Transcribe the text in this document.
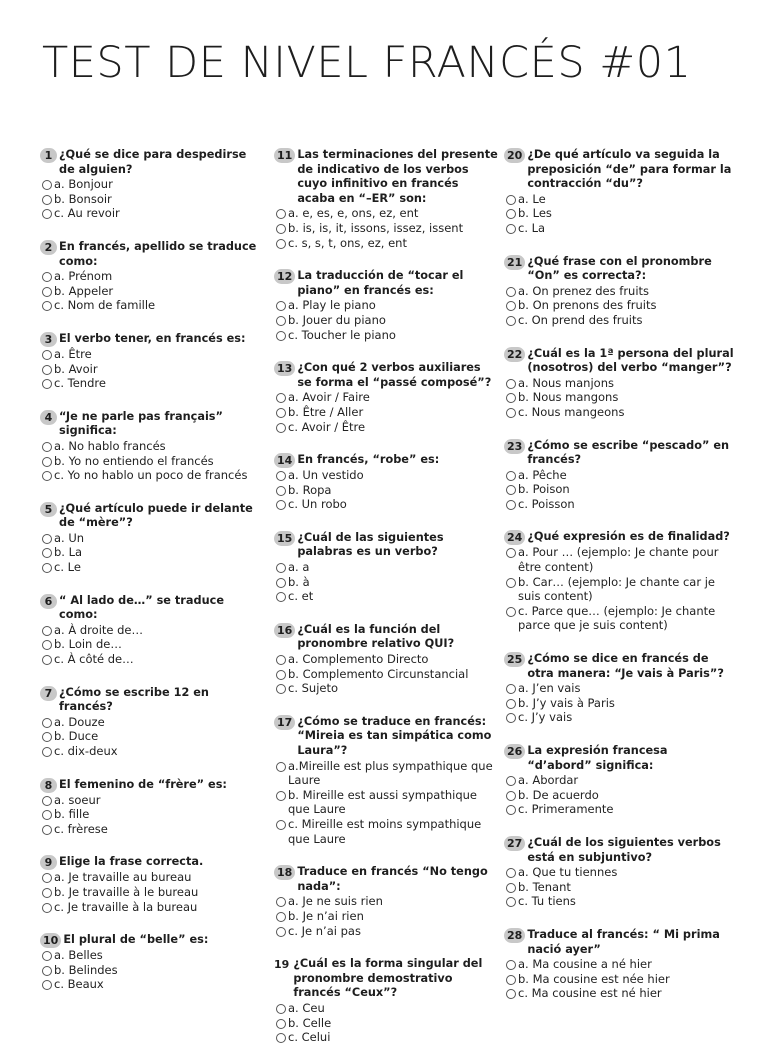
TEST DE NIVEL FRANCÉS #01
1 ¿Qué se dice para despedirse de alguien?
a. Bonjour
b. Bonsoir
c. Au revoir
2 En francés, apellido se traduce como:
a. Prénom
b. Appeler
c. Nom de famille
3 El verbo tener, en francés es:
a. Être
b. Avoir
c. Tendre
4 “Je ne parle pas français” significa:
a. No hablo francés
b. Yo no entiendo el francés
c. Yo no hablo un poco de francés
5 ¿Qué artículo puede ir delante de “mère”?
a. Un
b. La
c. Le
6 “ Al lado de…” se traduce como:
a. À droite de…
b. Loin de…
c. À côté de…
7 ¿Cómo se escribe 12 en francés?
a. Douze
b. Duce
c. dix-deux
8 El femenino de “frère” es:
a. soeur
b. fille
c. frèrese
9 Elige la frase correcta.
a. Je travaille au bureau
b. Je travaille à le bureau
c. Je travaille à la bureau
10 El plural de “belle” es:
a. Belles
b. Belindes
c. Beaux
11 Las terminaciones del presente de indicativo de los verbos cuyo infinitivo en francés acaba en “–ER” son:
a. e, es, e, ons, ez, ent
b. is, is, it, issons, issez, issent
c. s, s, t, ons, ez, ent
12 La traducción de “tocar el piano” en francés es:
a. Play le piano
b. Jouer du piano
c. Toucher le piano
13 ¿Con qué 2 verbos auxiliares se forma el “passé composé”?
a. Avoir / Faire
b. Être / Aller
c. Avoir / Être
14 En francés, “robe” es:
a. Un vestido
b. Ropa
c. Un robo
15 ¿Cuál de las siguientes palabras es un verbo?
a. a
b. à
c. et
16 ¿Cuál es la función del pronombre relativo QUI?
a. Complemento Directo
b. Complemento Circunstancial
c. Sujeto
17 ¿Cómo se traduce en francés: “Mireia es tan simpática como Laura”?
a.Mireille est plus sympathique que Laure
b. Mireille est aussi sympathique que Laure
c. Mireille est moins sympathique que Laure
18 Traduce en francés “No tengo nada”:
a. Je ne suis rien
b. Je n’ai rien
c. Je n’ai pas
19 ¿Cuál es la forma singular del pronombre demostrativo francés “Ceux”?
a. Ceu
b. Celle
c. Celui
20 ¿De qué artículo va seguida la preposición “de” para formar la contracción “du”?
a. Le
b. Les
c. La
21 ¿Qué frase con el pronombre “On” es correcta?:
a. On prenez des fruits
b. On prenons des fruits
c. On prend des fruits
22 ¿Cuál es la 1ª persona del plural (nosotros) del verbo “manger”?
a. Nous manjons
b. Nous mangons
c. Nous mangeons
23 ¿Cómo se escribe “pescado” en francés?
a. Pêche
b. Poison
c. Poisson
24 ¿Qué expresión es de finalidad?
a. Pour … (ejemplo: Je chante pour être content)
b. Car… (ejemplo: Je chante car je suis content)
c. Parce que… (ejemplo: Je chante parce que je suis content)
25 ¿Cómo se dice en francés de otra manera: “Je vais à Paris”?
a. J’en vais
b. J’y vais à Paris
c. J’y vais
26 La expresión francesa “d’abord” significa:
a. Abordar
b. De acuerdo
c. Primeramente
27 ¿Cuál de los siguientes verbos está en subjuntivo?
a. Que tu tiennes
b. Tenant
c. Tu tiens
28 Traduce al francés: “ Mi prima nació ayer”
a. Ma cousine a né hier
b. Ma cousine est née hier
c. Ma cousine est né hier
